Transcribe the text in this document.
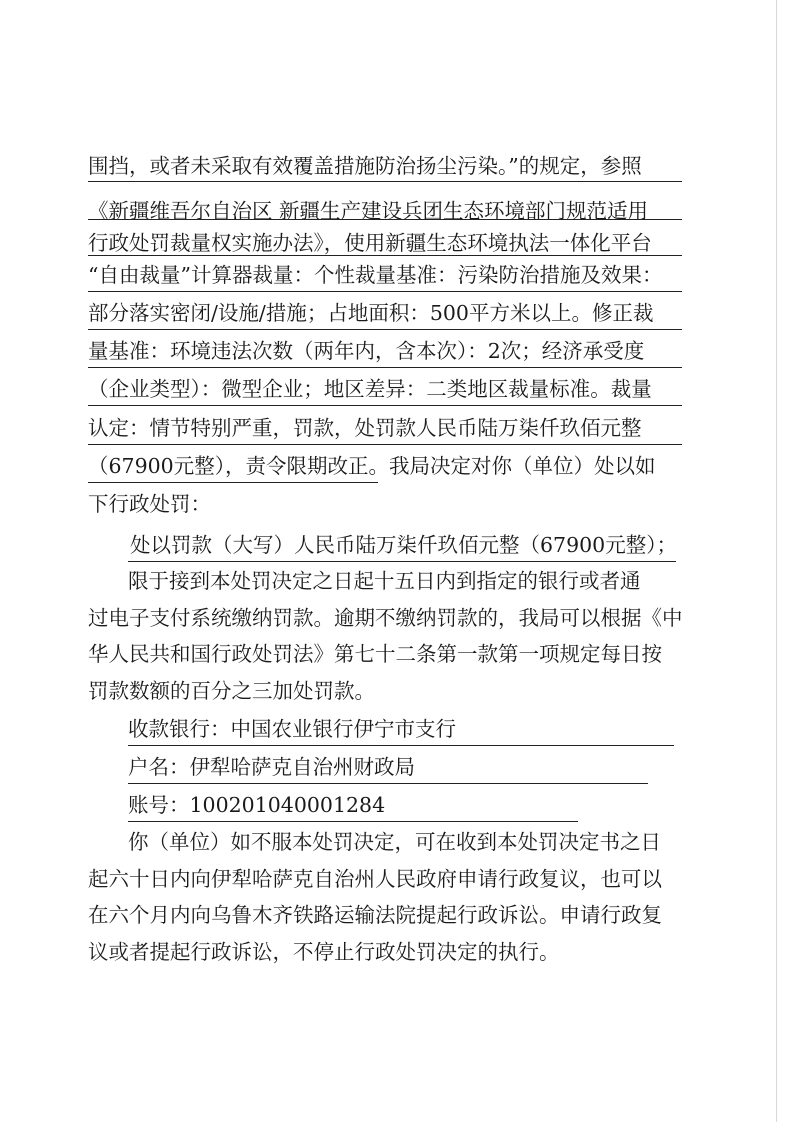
围挡，或者未采取有效覆盖措施防治扬尘污染。”的规定，参照
《新疆维吾尔自治区 新疆生产建设兵团生态环境部门规范适用
行政处罚裁量权实施办法》，使用新疆生态环境执法一体化平台
“自由裁量”计算器裁量：个性裁量基准：污染防治措施及效果：
部分落实密闭/设施/措施；占地面积：500平方米以上。修正裁
量基准：环境违法次数（两年内，含本次）：2次；经济承受度
（企业类型）：微型企业；地区差异：二类地区裁量标准。裁量
认定：情节特别严重，罚款，处罚款人民币陆万柒仟玖佰元整
（67900元整），责令限期改正。我局决定对你（单位）处以如
下行政处罚：
处以罚款（大写）人民币陆万柒仟玖佰元整（67900元整）；
限于接到本处罚决定之日起十五日内到指定的银行或者通
过电子支付系统缴纳罚款。逾期不缴纳罚款的，我局可以根据《中
华人民共和国行政处罚法》第七十二条第一款第一项规定每日按
罚款数额的百分之三加处罚款。
收款银行：中国农业银行伊宁市支行
户名：伊犁哈萨克自治州财政局
账号：100201040001284
你（单位）如不服本处罚决定，可在收到本处罚决定书之日
起六十日内向伊犁哈萨克自治州人民政府申请行政复议，也可以
在六个月内向乌鲁木齐铁路运输法院提起行政诉讼。申请行政复
议或者提起行政诉讼，不停止行政处罚决定的执行。
